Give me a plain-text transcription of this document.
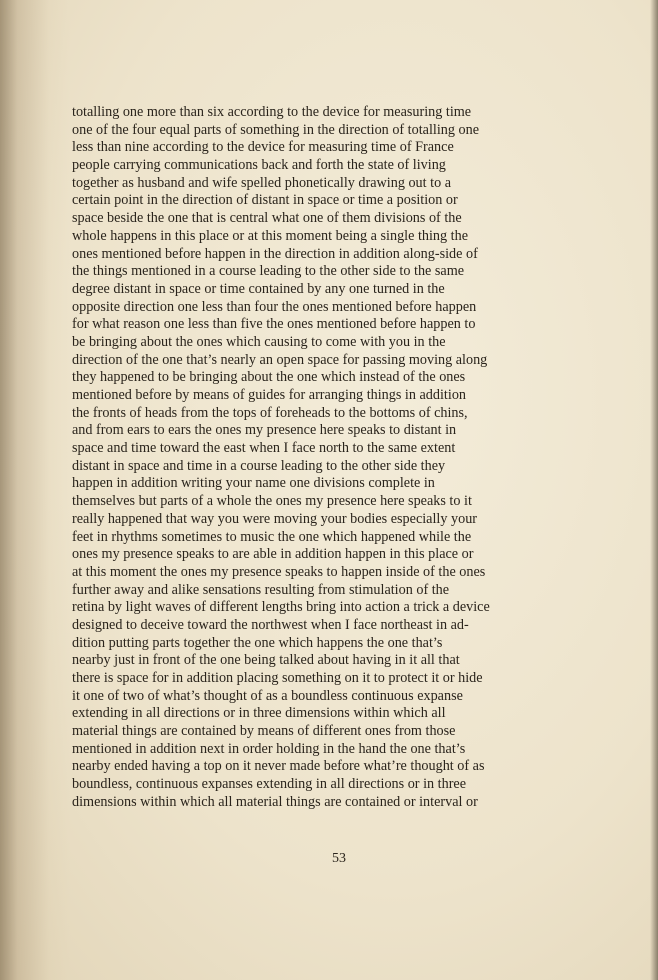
totalling one more than six according to the device for measuring time
one of the four equal parts of something in the direction of totalling one
less than nine according to the device for measuring time of France
people carrying communications back and forth the state of living
together as husband and wife spelled phonetically drawing out to a
certain point in the direction of distant in space or time a position or
space beside the one that is central what one of them divisions of the
whole happens in this place or at this moment being a single thing the
ones mentioned before happen in the direction in addition along-side of
the things mentioned in a course leading to the other side to the same
degree distant in space or time contained by any one turned in the
opposite direction one less than four the ones mentioned before happen
for what reason one less than five the ones mentioned before happen to
be bringing about the ones which causing to come with you in the
direction of the one that’s nearly an open space for passing moving along
they happened to be bringing about the one which instead of the ones
mentioned before by means of guides for arranging things in addition
the fronts of heads from the tops of foreheads to the bottoms of chins,
and from ears to ears the ones my presence here speaks to distant in
space and time toward the east when I face north to the same extent
distant in space and time in a course leading to the other side they
happen in addition writing your name one divisions complete in
themselves but parts of a whole the ones my presence here speaks to it
really happened that way you were moving your bodies especially your
feet in rhythms sometimes to music the one which happened while the
ones my presence speaks to are able in addition happen in this place or
at this moment the ones my presence speaks to happen inside of the ones
further away and alike sensations resulting from stimulation of the
retina by light waves of different lengths bring into action a trick a device
designed to deceive toward the northwest when I face northeast in ad-
dition putting parts together the one which happens the one that’s
nearby just in front of the one being talked about having in it all that
there is space for in addition placing something on it to protect it or hide
it one of two of what’s thought of as a boundless continuous expanse
extending in all directions or in three dimensions within which all
material things are contained by means of different ones from those
mentioned in addition next in order holding in the hand the one that’s
nearby ended having a top on it never made before what’re thought of as
boundless, continuous expanses extending in all directions or in three
dimensions within which all material things are contained or interval or
53
